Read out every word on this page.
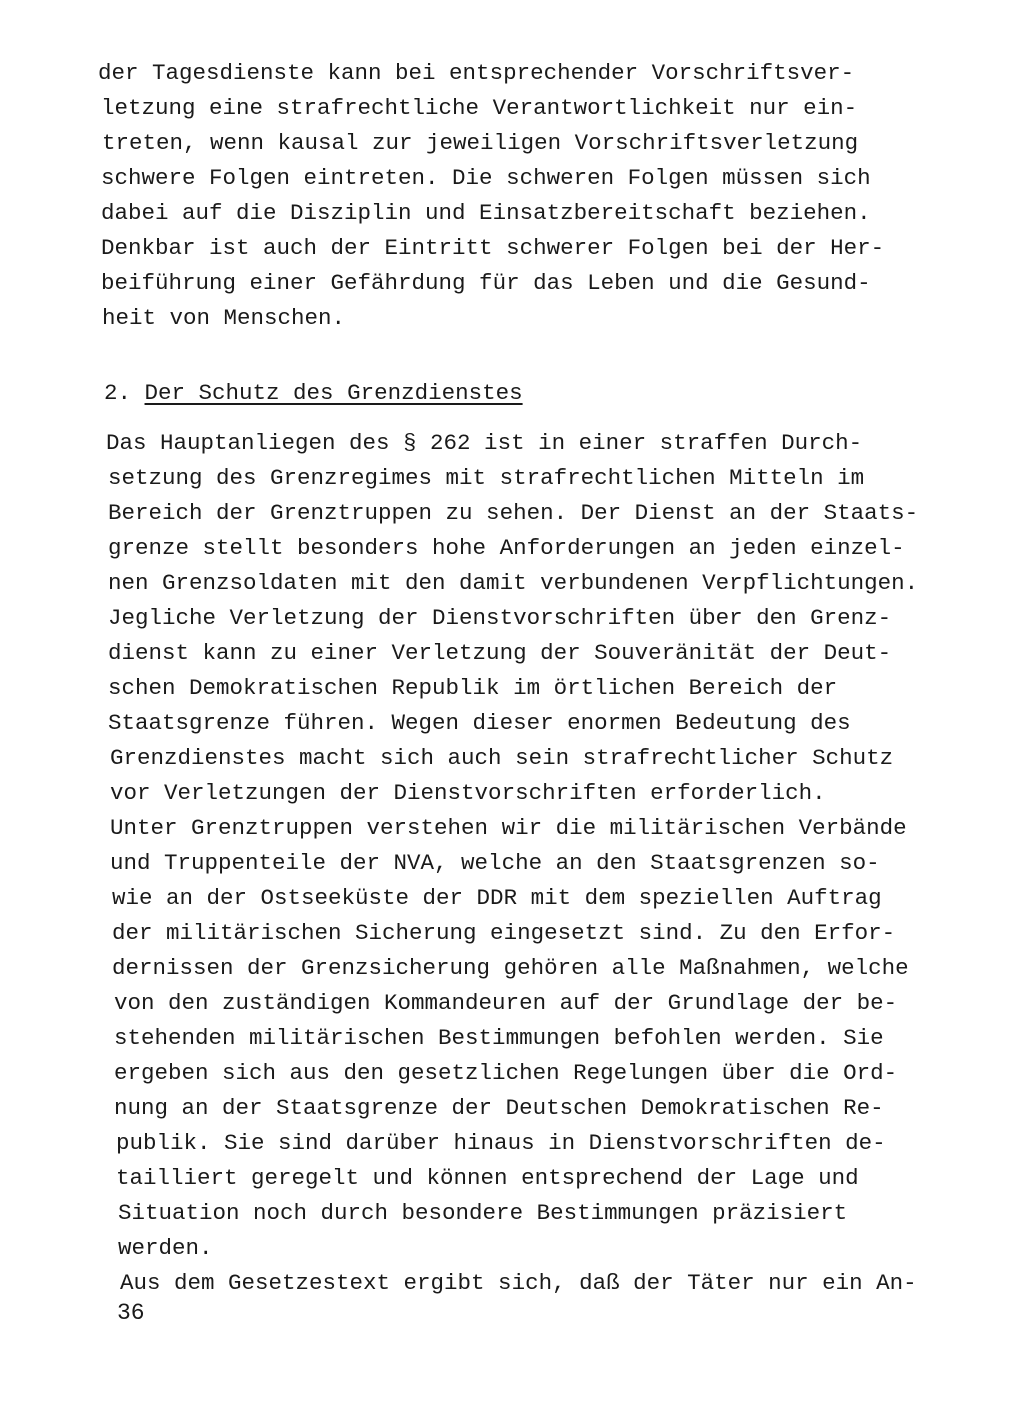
der Tagesdienste kann bei entsprechender Vorschriftsver-
letzung eine strafrechtliche Verantwortlichkeit nur ein-
treten, wenn kausal zur jeweiligen Vorschriftsverletzung
schwere Folgen eintreten. Die schweren Folgen müssen sich
dabei auf die Disziplin und Einsatzbereitschaft beziehen.
Denkbar ist auch der Eintritt schwerer Folgen bei der Her-
beiführung einer Gefährdung für das Leben und die Gesund-
heit von Menschen.
2. Der Schutz des Grenzdienstes
Das Hauptanliegen des § 262 ist in einer straffen Durch-
setzung des Grenzregimes mit strafrechtlichen Mitteln im
Bereich der Grenztruppen zu sehen. Der Dienst an der Staats-
grenze stellt besonders hohe Anforderungen an jeden einzel-
nen Grenzsoldaten mit den damit verbundenen Verpflichtungen.
Jegliche Verletzung der Dienstvorschriften über den Grenz-
dienst kann zu einer Verletzung der Souveränität der Deut-
schen Demokratischen Republik im örtlichen Bereich der
Staatsgrenze führen. Wegen dieser enormen Bedeutung des
Grenzdienstes macht sich auch sein strafrechtlicher Schutz
vor Verletzungen der Dienstvorschriften erforderlich.
Unter Grenztruppen verstehen wir die militärischen Verbände
und Truppenteile der NVA, welche an den Staatsgrenzen so-
wie an der Ostseeküste der DDR mit dem speziellen Auftrag
der militärischen Sicherung eingesetzt sind. Zu den Erfor-
dernissen der Grenzsicherung gehören alle Maßnahmen, welche
von den zuständigen Kommandeuren auf der Grundlage der be-
stehenden militärischen Bestimmungen befohlen werden. Sie
ergeben sich aus den gesetzlichen Regelungen über die Ord-
nung an der Staatsgrenze der Deutschen Demokratischen Re-
publik. Sie sind darüber hinaus in Dienstvorschriften de-
tailliert geregelt und können entsprechend der Lage und
Situation noch durch besondere Bestimmungen präzisiert
werden.
Aus dem Gesetzestext ergibt sich, daß der Täter nur ein An-
36
